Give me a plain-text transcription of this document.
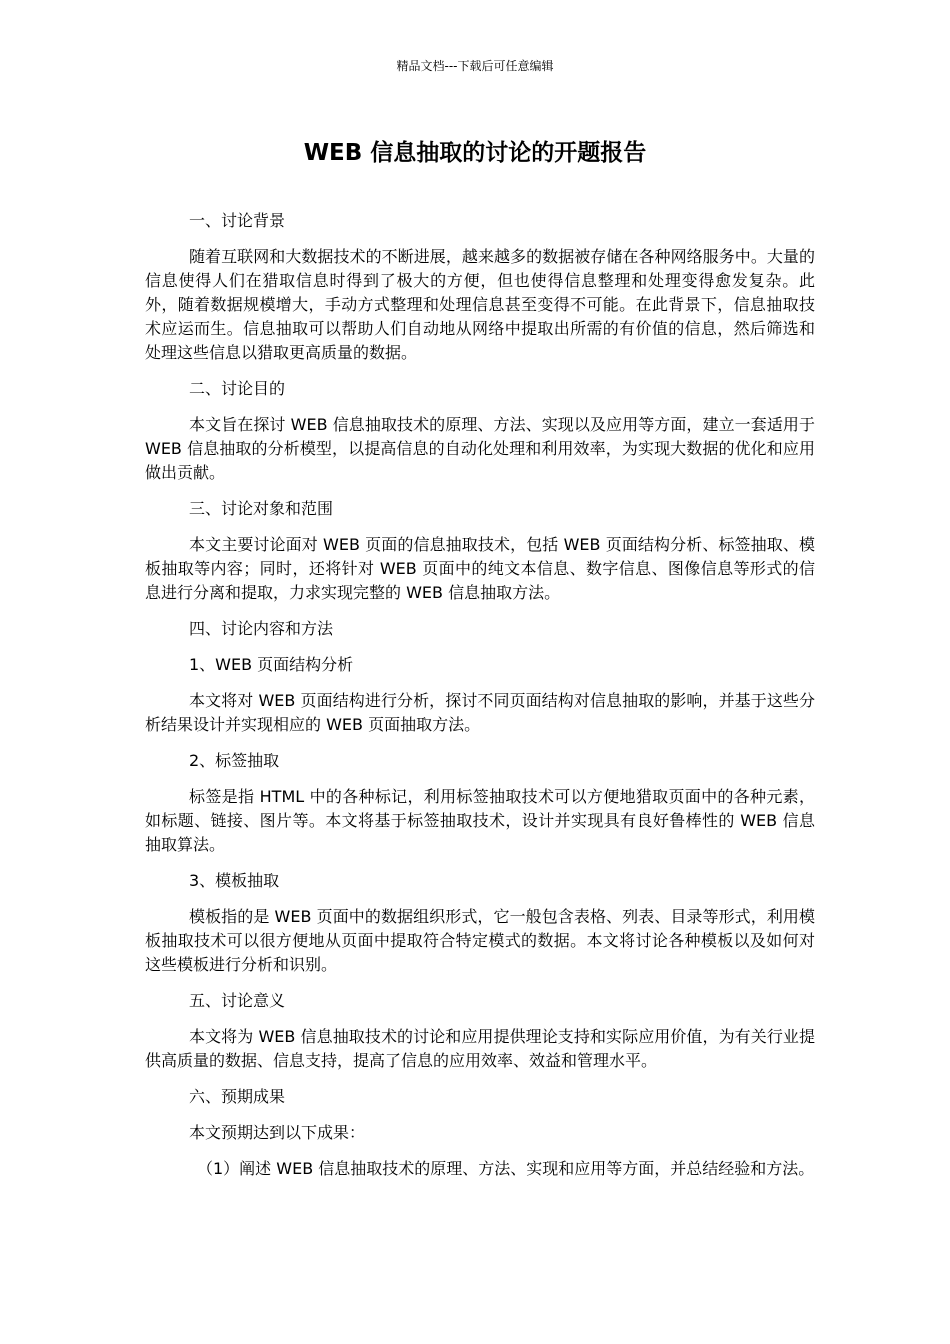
精品文档---下载后可任意编辑
WEB 信息抽取的讨论的开题报告

一、讨论背景

随着互联网和大数据技术的不断进展，越来越多的数据被存储在各种网络服务中。大量的信息使得人们在猎取信息时得到了极大的方便，但也使得信息整理和处理变得愈发复杂。此外，随着数据规模增大，手动方式整理和处理信息甚至变得不可能。在此背景下，信息抽取技术应运而生。信息抽取可以帮助人们自动地从网络中提取出所需的有价值的信息，然后筛选和处理这些信息以猎取更高质量的数据。

二、讨论目的

本文旨在探讨 WEB 信息抽取技术的原理、方法、实现以及应用等方面，建立一套适用于 WEB 信息抽取的分析模型，以提高信息的自动化处理和利用效率，为实现大数据的优化和应用做出贡献。

三、讨论对象和范围

本文主要讨论面对 WEB 页面的信息抽取技术，包括 WEB 页面结构分析、标签抽取、模板抽取等内容；同时，还将针对 WEB 页面中的纯文本信息、数字信息、图像信息等形式的信息进行分离和提取，力求实现完整的 WEB 信息抽取方法。

四、讨论内容和方法

1、WEB 页面结构分析

本文将对 WEB 页面结构进行分析，探讨不同页面结构对信息抽取的影响，并基于这些分析结果设计并实现相应的 WEB 页面抽取方法。

2、标签抽取

标签是指 HTML 中的各种标记，利用标签抽取技术可以方便地猎取页面中的各种元素，如标题、链接、图片等。本文将基于标签抽取技术，设计并实现具有良好鲁棒性的 WEB 信息抽取算法。

3、模板抽取

模板指的是 WEB 页面中的数据组织形式，它一般包含表格、列表、目录等形式，利用模板抽取技术可以很方便地从页面中提取符合特定模式的数据。本文将讨论各种模板以及如何对这些模板进行分析和识别。

五、讨论意义

本文将为 WEB 信息抽取技术的讨论和应用提供理论支持和实际应用价值，为有关行业提供高质量的数据、信息支持，提高了信息的应用效率、效益和管理水平。

六、预期成果

本文预期达到以下成果：

（1）阐述 WEB 信息抽取技术的原理、方法、实现和应用等方面，并总结经验和方法。
